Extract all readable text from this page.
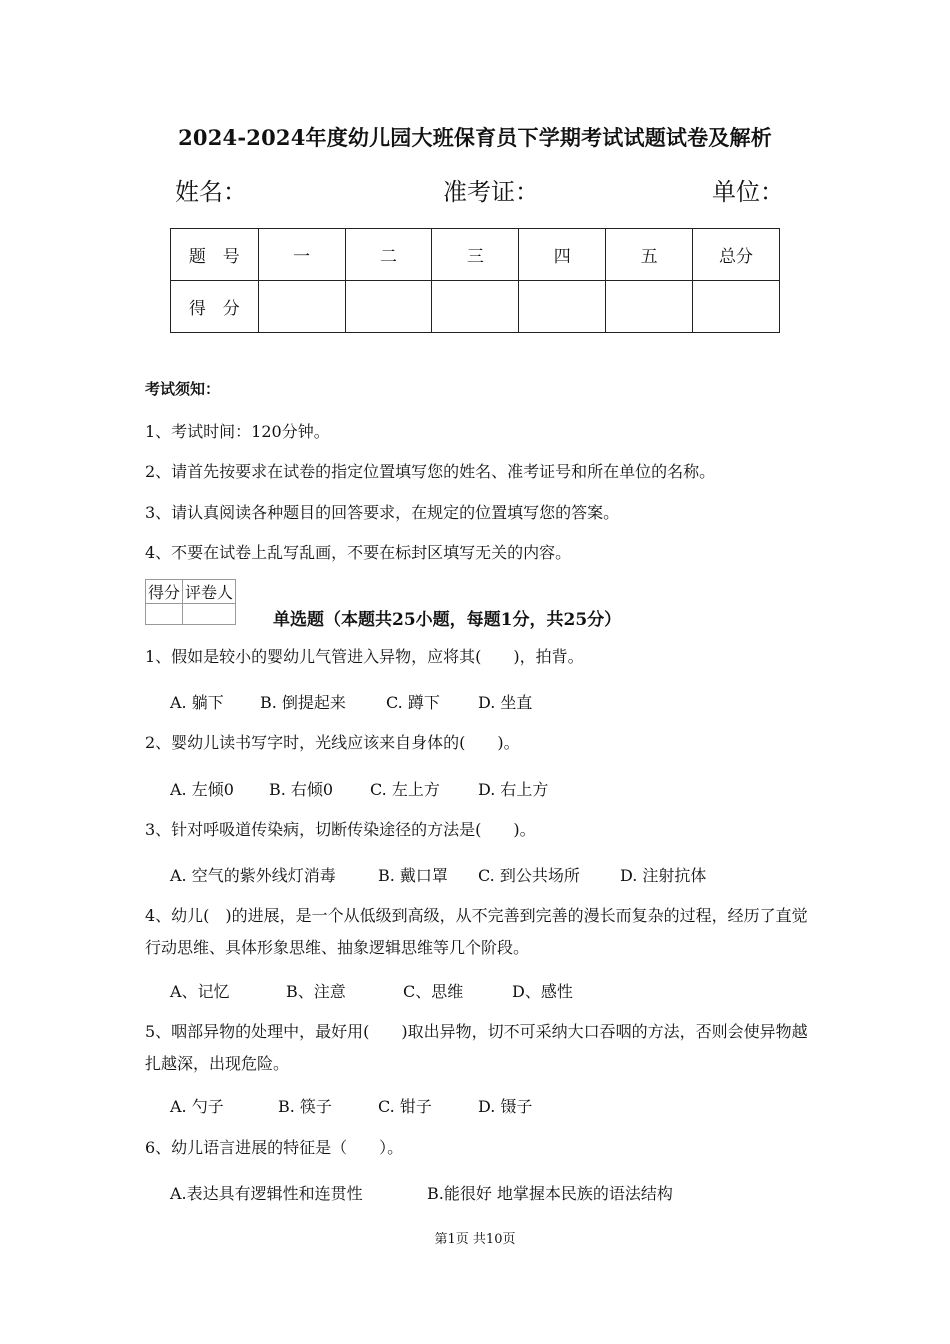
2024-2024年度幼儿园大班保育员下学期考试试题试卷及解析
姓名：	准考证：	单位：
题　号	一	二	三	四	五	总分
得　分						
考试须知：
1、考试时间：120分钟。
2、请首先按要求在试卷的指定位置填写您的姓名、准考证号和所在单位的名称。
3、请认真阅读各种题目的回答要求，在规定的位置填写您的答案。
4、不要在试卷上乱写乱画，不要在标封区填写无关的内容。
得分	评卷人

单选题（本题共25小题，每题1分，共25分）
1、假如是较小的婴幼儿气管进入异物，应将其(　　)，拍背。
A. 躺下 B. 倒提起来	C. 蹲下 D. 坐直
2、婴幼儿读书写字时，光线应该来自身体的(　　)。
A. 左倾0 B. 右倾0 C. 左上方 D. 右上方
3、针对呼吸道传染病，切断传染途径的方法是(　　)。
A. 空气的紫外线灯消毒	B. 戴口罩 C. 到公共场所	D. 注射抗体
4、幼儿(　)的进展，是一个从低级到高级，从不完善到完善的漫长而复杂的过程，经历了直觉行动思维、具体形象思维、抽象逻辑思维等几个阶段。
A、记忆	B、注意	C、思维	D、感性
5、咽部异物的处理中，最好用(　　)取出异物，切不可采纳大口吞咽的方法，否则会使异物越扎越深，出现危险。
A. 勺子	B. 筷子	C. 钳子	D. 镊子
6、幼儿语言进展的特征是（　　）。
A.表达具有逻辑性和连贯性	B.能很好 地掌握本民族的语法结构
第1页 共10页
